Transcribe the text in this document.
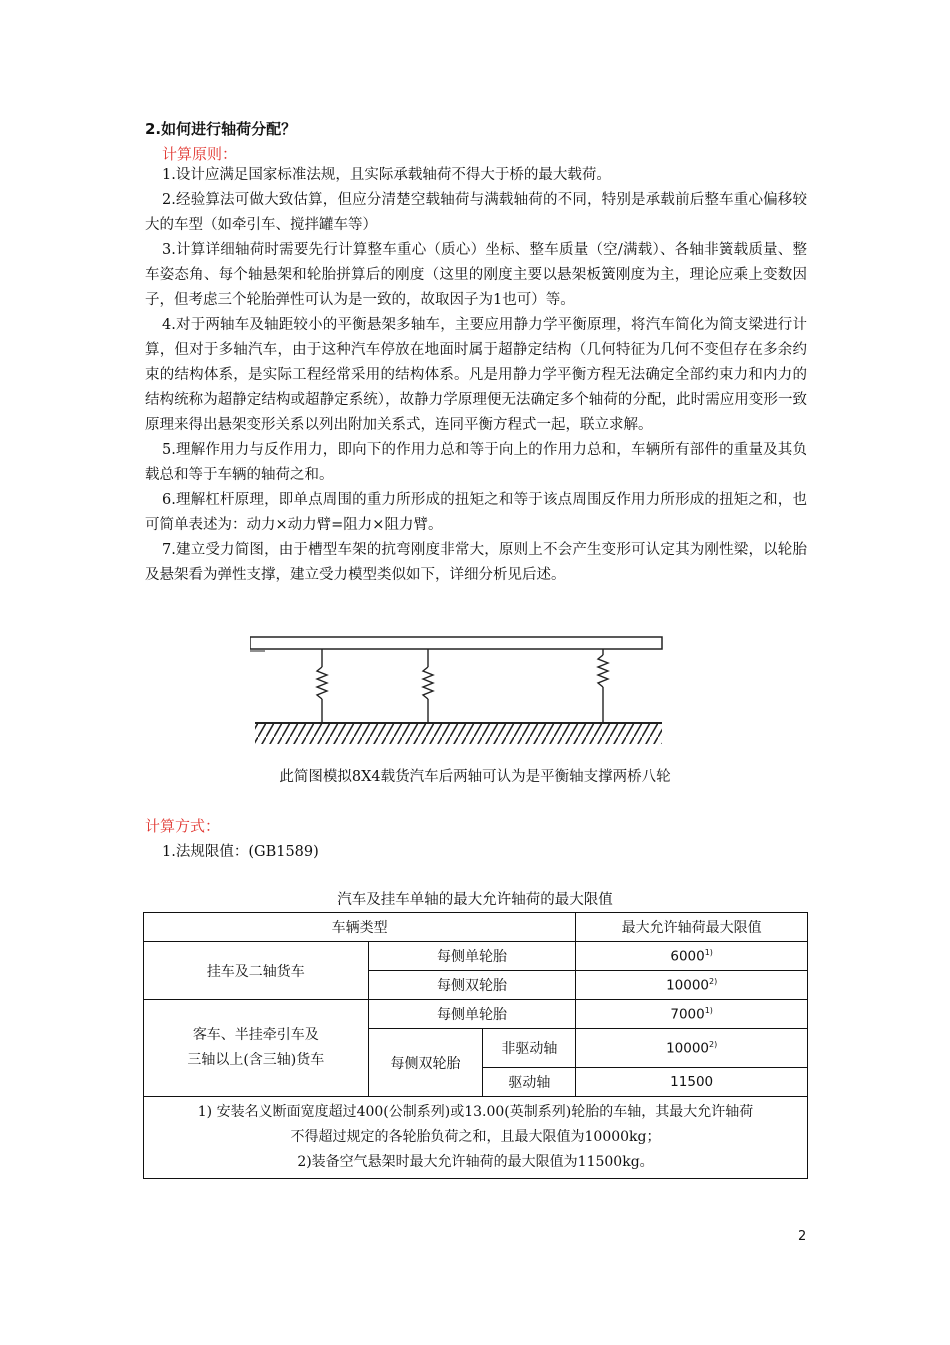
2.如何进行轴荷分配？
计算原则：

1.设计应满足国家标准法规，且实际承载轴荷不得大于桥的最大载荷。

2.经验算法可做大致估算，但应分清楚空载轴荷与满载轴荷的不同，特别是承载前后整车重心偏移较大的车型（如牵引车、搅拌罐车等）

3.计算详细轴荷时需要先行计算整车重心（质心）坐标、整车质量（空/满载）、各轴非簧载质量、整车姿态角、每个轴悬架和轮胎拼算后的刚度（这里的刚度主要以悬架板簧刚度为主，理论应乘上变数因子，但考虑三个轮胎弹性可认为是一致的，故取因子为1也可）等。

4.对于两轴车及轴距较小的平衡悬架多轴车，主要应用静力学平衡原理，将汽车简化为简支梁进行计算，但对于多轴汽车，由于这种汽车停放在地面时属于超静定结构（几何特征为几何不变但存在多余约束的结构体系，是实际工程经常采用的结构体系。凡是用静力学平衡方程无法确定全部约束力和内力的结构统称为超静定结构或超静定系统），故静力学原理便无法确定多个轴荷的分配，此时需应用变形一致原理来得出悬架变形关系以列出附加关系式，连同平衡方程式一起，联立求解。

5.理解作用力与反作用力，即向下的作用力总和等于向上的作用力总和，车辆所有部件的重量及其负载总和等于车辆的轴荷之和。

6.理解杠杆原理，即单点周围的重力所形成的扭矩之和等于该点周围反作用力所形成的扭矩之和，也可简单表述为：动力×动力臂=阻力×阻力臂。

7.建立受力简图，由于槽型车架的抗弯刚度非常大，原则上不会产生变形可认定其为刚性梁，以轮胎及悬架看为弹性支撑，建立受力模型类似如下，详细分析见后述。

此简图模拟8X4载货汽车后两轴可认为是平衡轴支撑两桥八轮
计算方式：
1.法规限值：(GB1589)
汽车及挂车单轴的最大允许轴荷的最大限值
车辆类型			最大允许轴荷最大限值
挂车及二轴货车	每侧单轮胎		6000$^{1)}$
	每侧双轮胎		10000$^{2)}$
客车、半挂牵引车及
三轴以上(含三轴)货车	每侧单轮胎		7000$^{1)}$
	每侧双轮胎	非驱动轴	10000$^{2)}$
		驱动轴	11500

1) 安装名义断面宽度超过400(公制系列)或13.00(英制系列)轮胎的车轴，其最大允许轴荷
不得超过规定的各轮胎负荷之和，且最大限值为10000kg；
2)装备空气悬架时最大允许轴荷的最大限值为11500kg。			
2
